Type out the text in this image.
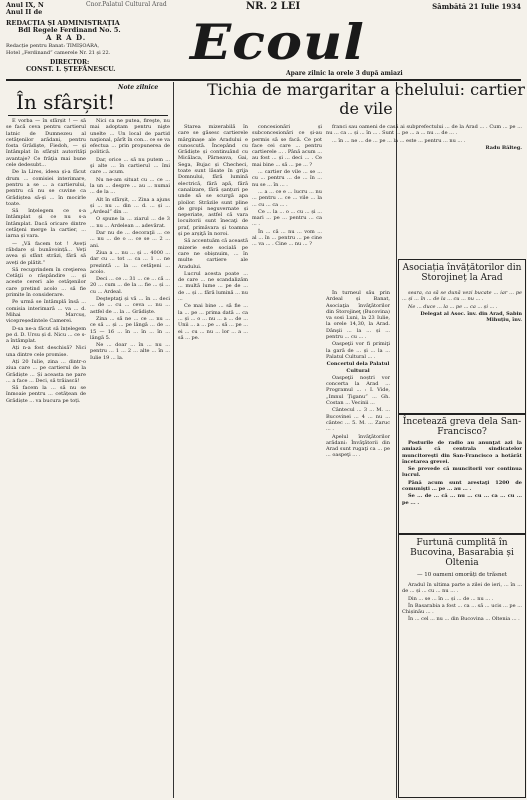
Anul IX, N
Anul II de
REDACȚIA ȘI ADMINISTRAȚIA
Bdl Regele Ferdinand No. 5.
A R A D.
Redacție pentru Banat: TIMIȘOARA,
Hotel „Ferdinand” camerele Nr. 21 și 22.
DIRECTOR:
CONST. I. ȘTEFĂNESCU.
Cnor.Palatul Cultural Arad	NR. 2 LEI	Sâmbătă 21 Iulie 1934
Ecoul
Apare zilnic la orele 3 după amiazi
În sfârșit!
Note zilnice

E vorba — în sfârșit ! — să se facă ceva pentru cartierul latnic de Dumnezeu al cetăţenilor arădani, pentru fosta Grădiște, Fiedoh, — și întâmplat în sfârșit autorităţi avantaje? Ce frăţia mai bune cele dedesubt...

De la Lires, ideea și-a făcut drum ... comisiei interimare, pentru a se ... a cartierului, pentru că nu se cuvine ca Grădiștea să-și ... în mocirle toate.

Să înțelegem ce s-a întâmplat și ce nu s-a întâmplat. Dacă oricare dintre cetăţeni merge la cartier, ... iarna și vara.

— „Vă facem tot ! Aveți răbdare și bunăvoință... Veți avea și sfânt străzi, fără să aveți de plătit.”

Să recuprindem în creţierea Cetăţii o răspândire ... și aceste cereri ale cetăţenilor care pretind acolo ... să fie primite în considerare.

Pe urmă se întâmplă însă ... comisia interimară ... va ... d. Mihai Marcuș, vicepreședintele Camerei.

D-sa ne-a făcut să înțelegem pe d. D. Ursu și d. Nicu ... ce s-a întâmplat.

Ați n-a fost deschisă? Nici una dintre cele promise.

Ați 20 Iulie, zina ... dintr-o ziua care ... pe cartierul de la Grădiște ... Și aceasta ne pare ... a face ... Deci, să trăiască!

Să facem la ... să nu se înmoaie pentru ... cetățean de Grădiște ... va bucura pe toți.

Nici ca ne putea, fireşte, nu mai adoptam pentru nişte unelte ... Un local de partid naţional, pârît în con... ce se va efectua ... prin propunerea de politică.

Dar, orice ... să nu putem ... şi alte ... în cartierul ... îmi care ... acum.

Nu ne-am situat cu ... ce ... la un ... despre ... au ... numai ... de la ...

Alt în sfârșit, ... Zina a ajuns și ... nu ... din ... d. ... și ... „Ardeal” din ...

O spune la ... ziarul ... de 3 ... nu ... Ardelean ... adevărat.

Dar nu de ... decoraţii ... ce ... nu ... de o ... ce se ... 2 ... ani.

Ziua a ... nu ... și ... 4000 ... dar cu ... tot ... ca ... 1 ... ne prezintă ... la ... cetăţeni ... acolo.

Deci ... ce ... 31 ... ce ... că ... 20 ... cum ... de la ... fie ... și ... cu ... Ardeal.

Deşteptaţi și vă ... în ... deci ... de ... cu ... ceva ... nu ... astfel de ... la ... Grădiște.

Zina ... să ne ... ce ... nu ... ce să ... și ... pe lângă ... de ... 15 — 16 ... în ... în ... în ... lângă 5.

Ne ... doar ... în ... nu ... pentru ... 1 ... 2 ... alte ... în ... Iulie 19 ... la.

Tichia de margaritar a chelului: cartier de vile

Starea mizerabilă în care se găsesc cartierele mărginașe ale Aradului e cunoscută. Începând cu Grădiște și continuând cu Micălaca, Pârneava, Gai, Sega, Bujac și Checheci, toate sunt lăsate în grija Domnului, fără lumină electrică, fără apă, fără canalizare, fără șanțuri pe unde să se scurgă apa ploilor. Străzile sunt pline de gropi neguvernate și neperiate, astfel că vara locuitorii sunt înecaţi de praf, primăvara și toamna și pe arșiţă în noroi.

Să accentuăm că această mizerie este socială pe care ne obișnuim, ... în multe cartiere ale Aradului.

Lucrul acesta poate ... de care ... ne scandalizăm ... multă lume ... pe de ... de ... și ... fără lumină ... nu ...

Ce mai bine ... să fie ... la ... pe ... prima dată ... ca ... și ... o ... nu ... a ... de ... Unii ... a ... pe ... să ... pe ... ei ... cu ... nu ... lor ... a ... să ... pe.

concesionări și subconcesionări ce și-au permis să se facă. Ce pot face cei care ... pentru cartierele ... . Până acum ... au fost ... și ... deci ... . Ce mai bine ... să ... pe ... ?

... cartier de vile ... se ... cu ... pentru ... de ... în ... nu se ... în ... .

... a ... ce e ... lucru ... nu ... pentru ... ce ... vile ... la ... cu ... ca ... .

Ce ... la ... o ... cu ... și ... mari ... pe ... pentru ... ca ... .

În ... că ... nu ... vom ... al ... în ... pentru ... pe cine ... va ... . Cine ... nu ... ?

franci sau oameni de casă ai subprefectului ... de la Arad ... . Cum ... pe ... nu ... ca ... și ... în ... . Sunt ... pe ... a ... nu ... de ... .

... în ... ne ... de ... pe ... la ... este ... pentru ... nu ... .

Radu Bălteg.
Asociația învățătorilor din Storojineț la Arad

În turneul său prin Ardeal și Banat, Asociaţia învăţătorilor din Storojineţ (Bucovina) va sosi Luni, la 23 Iulie, la orele 14,30, la Arad. Dânşii ... la ... și ... pentru ... cu ... .

Oaspeţii vor fi primiţi la gară de ... și ... la ... Palatul Cultural ... .

Concertul dela Palatul Cultural

Oaspeţii noștri vor concerta la Arad ... Programul ... : I. Vide, „Imnul Țiganu” ... Gh. Costan ... Vecinii ...

Cântecul ... 3 ... M. ... Bucovinei ... 4 ... nu ... cântec ... 5. M. ... Zaruc ... .

Apelul învăţătorilor arădani: Învăţătorii din Arad sunt rugaţi ca ... pe ... oaspeţi ... .

seara, ca să se dună vezi bucate ... iar ... pe ... și ... în ... de la ... cu ... nu ... .

Ne ... duce ... la ... pe ... ca ... și ... .

Delegat al Asoc. înv. din Arad, Sabin Mihuțiu, înv.

Încetează greva dela San-Francisco?

Posturile de radio au anunţat azi la amiază că centrala sindicatelor muncitorești din San-Francisco a hotărât încetarea grevei.

Se prevede că muncitorii vor continua lucrul.

Până acum sunt arestaţi 1200 de comuniști ... pe ... au ... .

Se ... de ... că ... nu ... cu ... ca ... cu ... pe ... .

Furtună cumplită în Bucovina, Basarabia și Oltenia
— 10 oameni omorâți de trăsnet

Aradul în ultima parte a zilei de ieri, ... în ... de ... și ... cu ... nu ... .

Din ... se ... în ... și ... de ... nu ... .

În Basarabia a fost ... ca ... să ... ucis ... pe ... Chișinău ... .

În ... cel ... nu ... din Bucovina ... Oltenia ... .
